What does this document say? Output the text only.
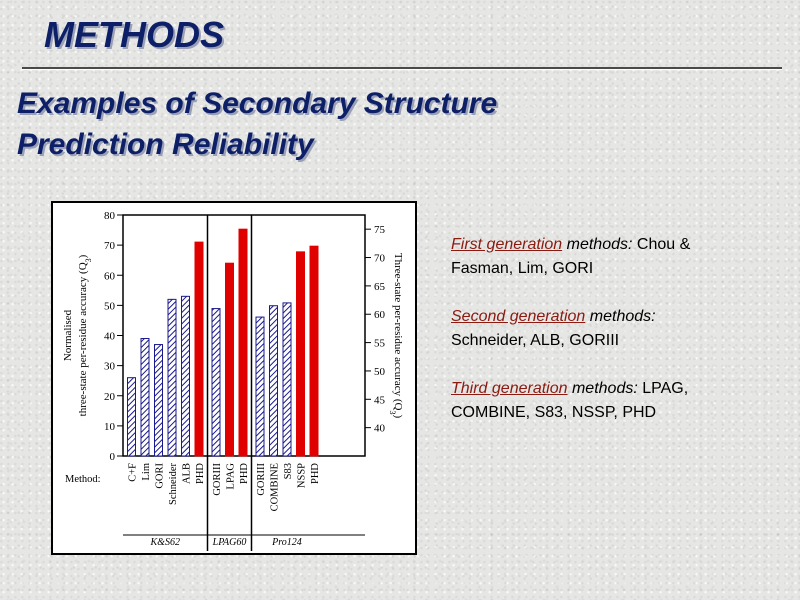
METHODS
Examples of Secondary Structure
Prediction Reliability
0
10
20
30
40
50
60
70
80
40
45
50
55
60
65
70
75
Normalised three-state per-residue accuracy $(Q_3)$	Three-state per-residue accuracy $(Q_3)$
C+F Lim GORI Schneider ALB PHD
K&S62
GORIII LPAG PHD
LPAG60
GORIII COMBINE S83 NSSP PHD
Pro124
Method:

First generation methods: Chou &
Fasman, Lim, GORI

Second generation methods:
Schneider, ALB, GORIII

Third generation methods: LPAG,
COMBINE, S83, NSSP, PHD
